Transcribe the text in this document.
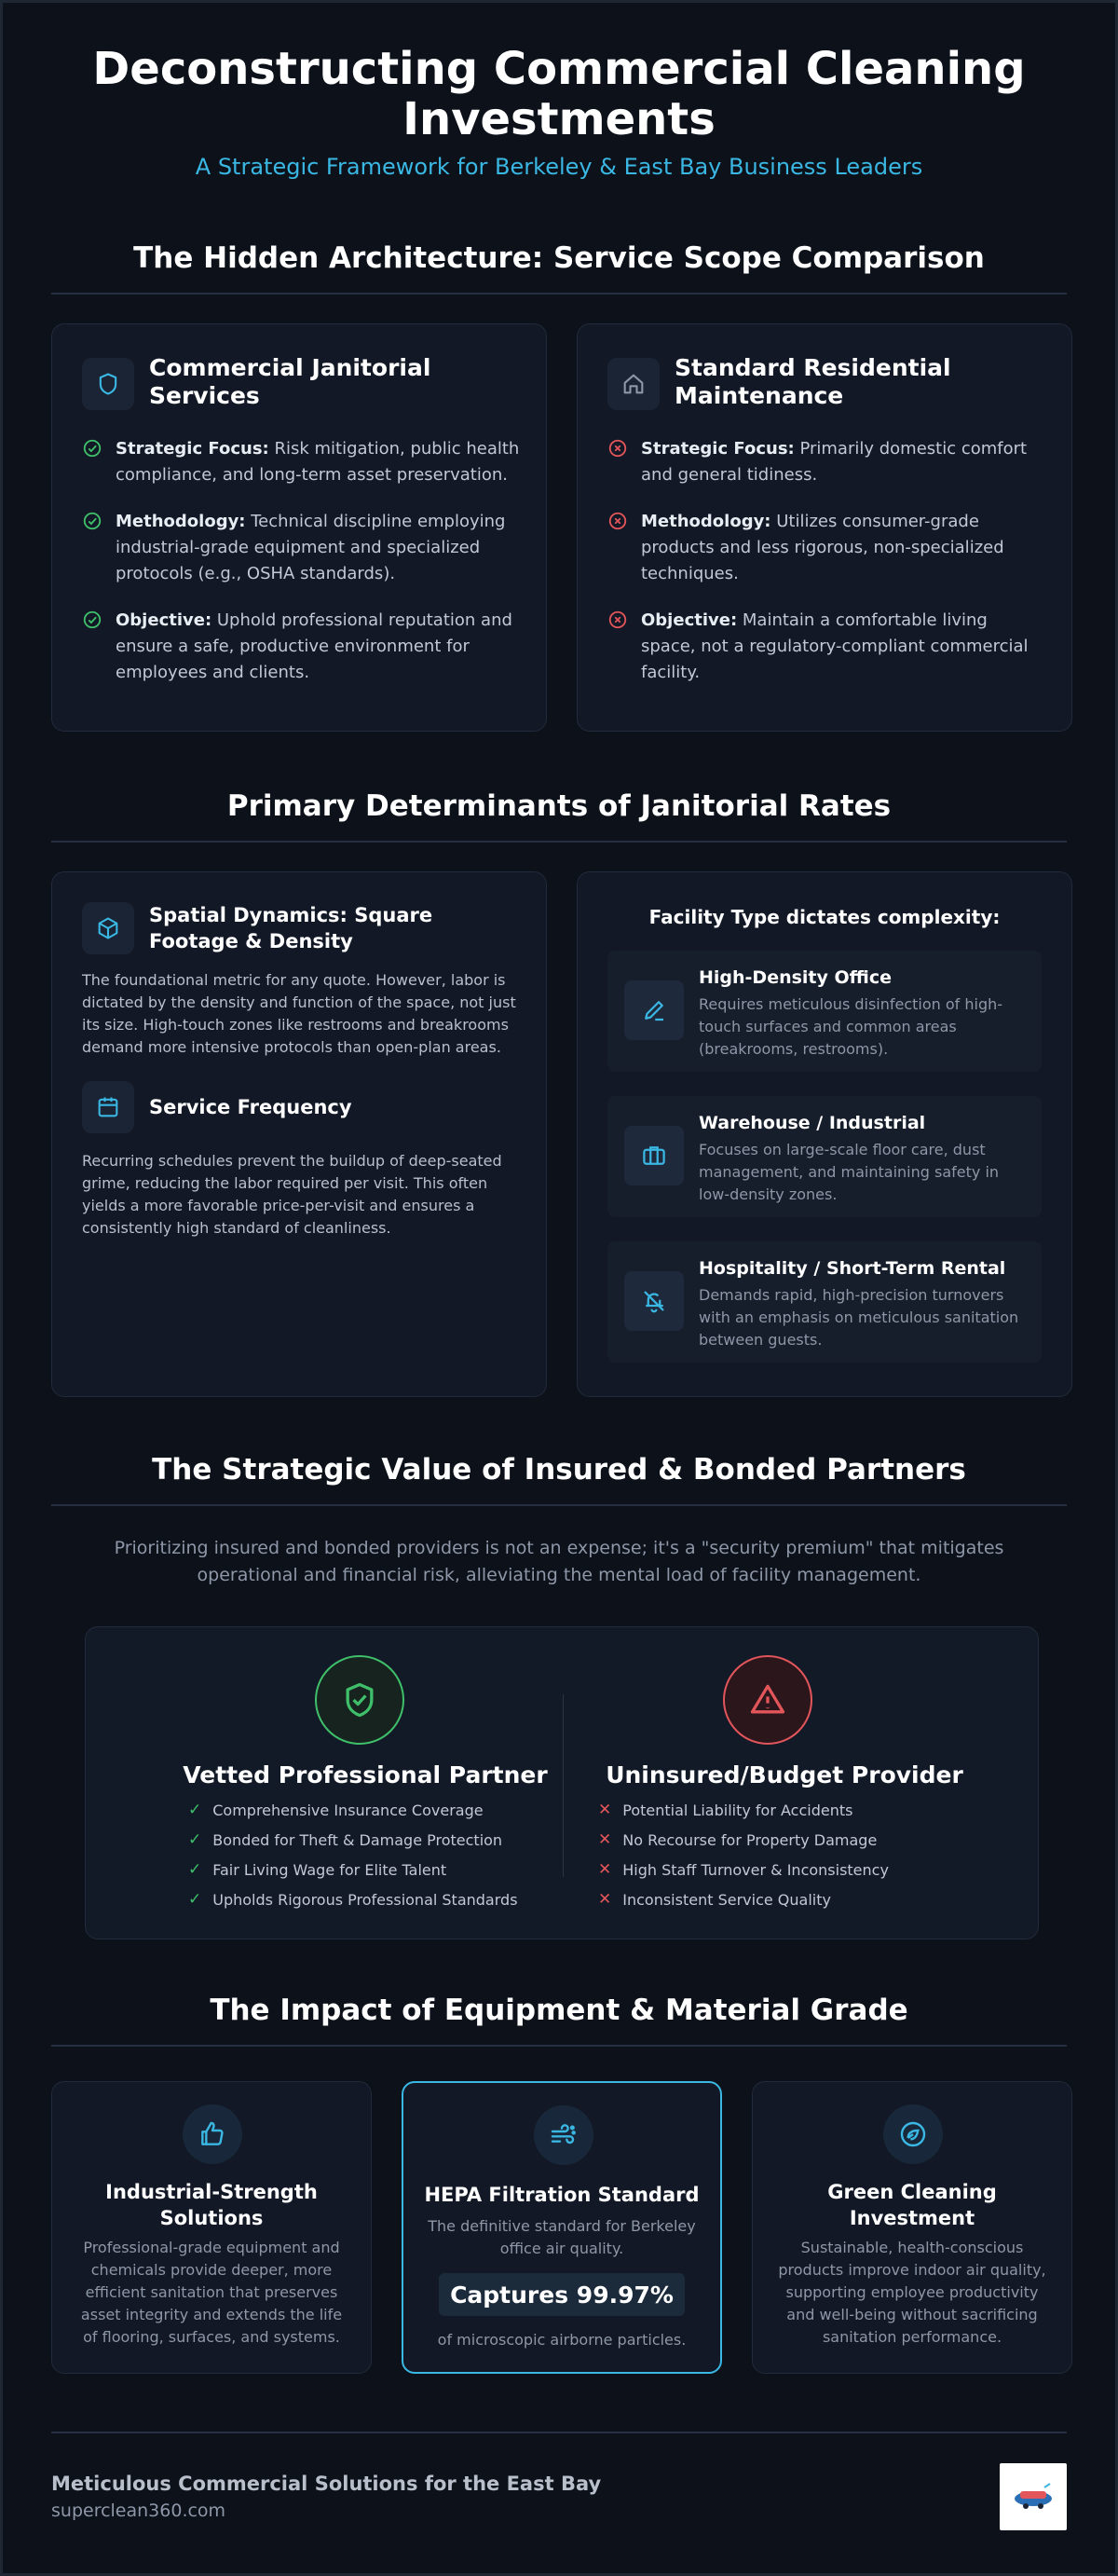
Deconstructing Commercial Cleaning Investments
A Strategic Framework for Berkeley & East Bay Business Leaders
The Hidden Architecture: Service Scope Comparison
Commercial Janitorial Services
Strategic Focus: Risk mitigation, public health compliance, and long-term asset preservation.
Methodology: Technical discipline employing industrial-grade equipment and specialized protocols (e.g., OSHA standards).
Objective: Uphold professional reputation and ensure a safe, productive environment for employees and clients.
Standard Residential Maintenance
Strategic Focus: Primarily domestic comfort and general tidiness.
Methodology: Utilizes consumer-grade products and less rigorous, non-specialized techniques.
Objective: Maintain a comfortable living space, not a regulatory-compliant commercial facility.
Primary Determinants of Janitorial Rates
Spatial Dynamics: Square Footage & Density
The foundational metric for any quote. However, labor is dictated by the density and function of the space, not just its size. High-touch zones like restrooms and breakrooms demand more intensive protocols than open-plan areas.
Service Frequency
Recurring schedules prevent the buildup of deep-seated grime, reducing the labor required per visit. This often yields a more favorable price-per-visit and ensures a consistently high standard of cleanliness.
Facility Type dictates complexity:
High-Density Office
Requires meticulous disinfection of high-touch surfaces and common areas (breakrooms, restrooms).
Warehouse / Industrial
Focuses on large-scale floor care, dust management, and maintaining safety in low-density zones.
Hospitality / Short-Term Rental
Demands rapid, high-precision turnovers with an emphasis on meticulous sanitation between guests.
The Strategic Value of Insured & Bonded Partners
Prioritizing insured and bonded providers is not an expense; it's a "security premium" that mitigates operational and financial risk, alleviating the mental load of facility management.
Vetted Professional Partner
✓ Comprehensive Insurance Coverage
✓ Bonded for Theft & Damage Protection
✓ Fair Living Wage for Elite Talent
✓ Upholds Rigorous Professional Standards
Uninsured/Budget Provider
✕ Potential Liability for Accidents
✕ No Recourse for Property Damage
✕ High Staff Turnover & Inconsistency
✕ Inconsistent Service Quality
The Impact of Equipment & Material Grade
Industrial-Strength Solutions
Professional-grade equipment and chemicals provide deeper, more efficient sanitation that preserves asset integrity and extends the life of flooring, surfaces, and systems.
HEPA Filtration Standard
The definitive standard for Berkeley office air quality.
Captures 99.97%
of microscopic airborne particles.
Green Cleaning Investment
Sustainable, health-conscious products improve indoor air quality, supporting employee productivity and well-being without sacrificing sanitation performance.
Meticulous Commercial Solutions for the East Bay
superclean360.com
